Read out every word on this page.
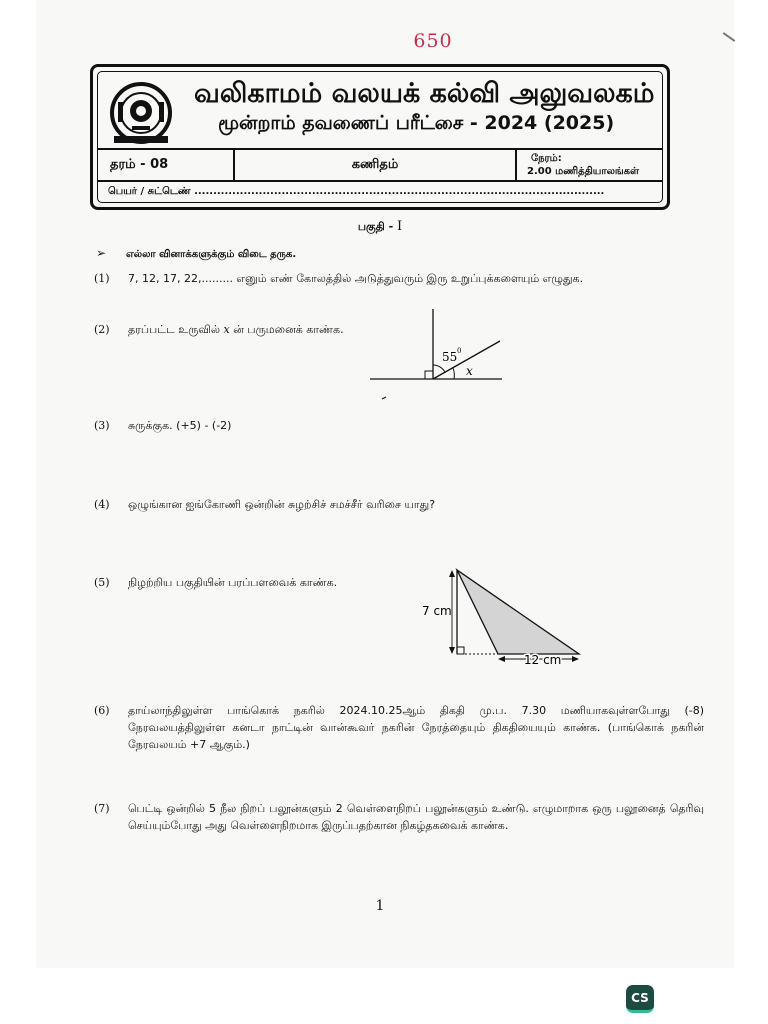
650
வலிகாமம் வலயக் கல்வி அலுவலகம்
மூன்றாம் தவணைப் பரீட்சை - 2024 (2025)
தரம் - 08	கணிதம்	நேரம்:
2.00 மணித்தியாலங்கள்
பெயர் / சுட்டெண் ............................................................................................................
பகுதி - I
➢ எல்லா வினாக்களுக்கும் விடை தருக.
(1)	7, 12, 17, 22,......... எனும் எண் கோலத்தில் அடுத்துவரும் இரு உறுப்புக்களையும் எழுதுக.
(2)	தரப்பட்ட உருவில் x ன் பருமனைக் காண்க.
55 0
x
(3)	சுருக்குக. (+5) - (-2)
(4)	ஒழுங்கான ஐங்கோணி ஒன்றின் சுழற்சிச் சமச்சீர் வரிசை யாது?
(5)	நிழற்றிய பகுதியின் பரப்பளவைக் காண்க.
7 cm
12 cm
(6)	தாய்லாந்திலுள்ள பாங்கொக் நகரில் 2024.10.25ஆம் திகதி மு.ப. 7.30 மணியாகவுள்ளபோது (-8) நேரவலயத்திலுள்ள கனடா நாட்டின் வான்கூவர் நகரின் நேரத்தையும் திகதியையும் காண்க. (பாங்கொக் நகரின் நேரவலயம் +7 ஆகும்.)
(7)	பெட்டி ஒன்றில் 5 நீல நிறப் பலூன்களும் 2 வெள்ளைநிறப் பலூன்களும் உண்டு. எழுமாறாக ஒரு பலூனைத் தெரிவு செய்யும்போது அது வெள்ளைநிறமாக இருப்பதற்கான நிகழ்தகவைக் காண்க.
1
CS
